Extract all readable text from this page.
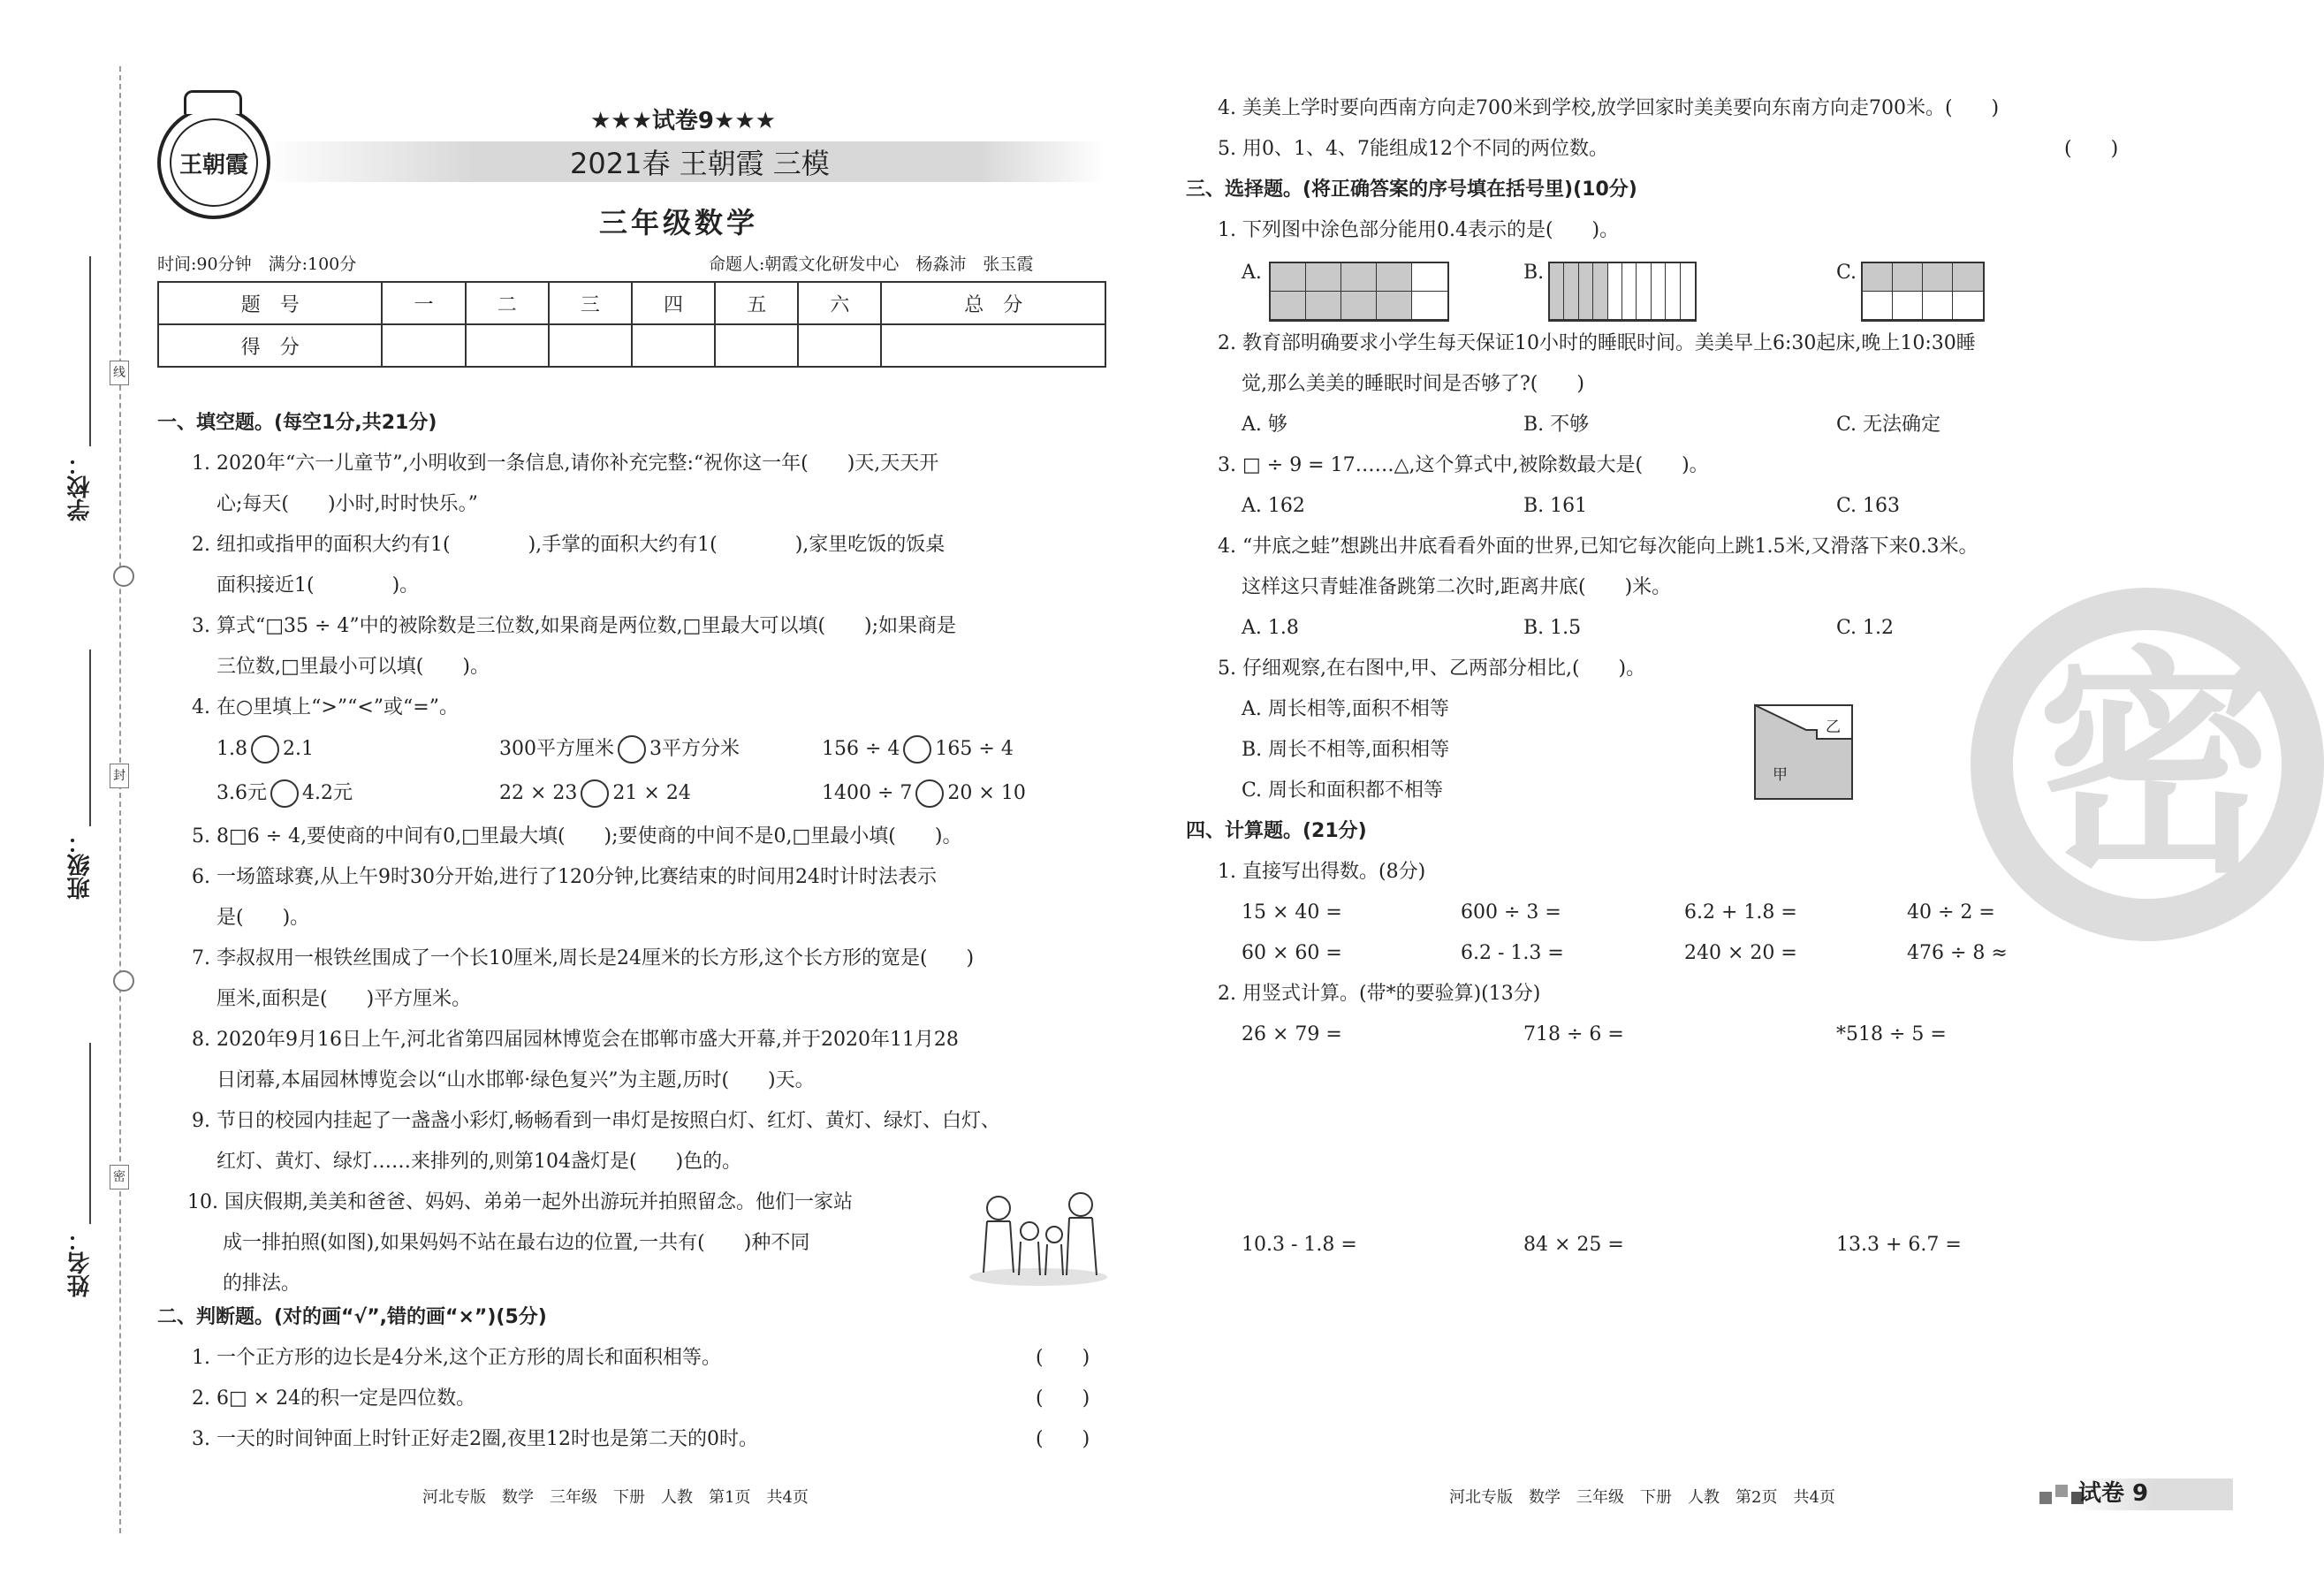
学校：
班级：
姓名：
线
封
密
王朝霞
★★★试卷9★★★
2021春 王朝霞 三模
三年级数学
时间:90分钟　满分:100分	命题人:朝霞文化研发中心　杨淼沛　张玉霞
题　号	一	二	三	四	五	六	总　分
得　分							
一、填空题。(每空1分,共21分)
1. 2020年“六一儿童节”,小明收到一条信息,请你补充完整:“祝你这一年(　　)天,天天开
心;每天(　　)小时,时时快乐。”
2. 纽扣或指甲的面积大约有1(　　　　),手掌的面积大约有1(　　　　),家里吃饭的饭桌
面积接近1(　　　　)。
3. 算式“□35 ÷ 4”中的被除数是三位数,如果商是两位数,□里最大可以填(　　);如果商是
三位数,□里最小可以填(　　)。
4. 在○里填上“>”“<”或“=”。
1.8 2.1	300平方厘米 3平方分米	156 ÷ 4 165 ÷ 4
3.6元 4.2元	22 × 23 21 × 24	1400 ÷ 7 20 × 10
5. 8□6 ÷ 4,要使商的中间有0,□里最大填(　　);要使商的中间不是0,□里最小填(　　)。
6. 一场篮球赛,从上午9时30分开始,进行了120分钟,比赛结束的时间用24时计时法表示
是(　　)。
7. 李叔叔用一根铁丝围成了一个长10厘米,周长是24厘米的长方形,这个长方形的宽是(　　)
厘米,面积是(　　)平方厘米。
8. 2020年9月16日上午,河北省第四届园林博览会在邯郸市盛大开幕,并于2020年11月28
日闭幕,本届园林博览会以“山水邯郸·绿色复兴”为主题,历时(　　)天。
9. 节日的校园内挂起了一盏盏小彩灯,畅畅看到一串灯是按照白灯、红灯、黄灯、绿灯、白灯、
红灯、黄灯、绿灯……来排列的,则第104盏灯是(　　)色的。
10. 国庆假期,美美和爸爸、妈妈、弟弟一起外出游玩并拍照留念。他们一家站
成一排拍照(如图),如果妈妈不站在最右边的位置,一共有(　　)种不同
的排法。
二、判断题。(对的画“√”,错的画“×”)(5分)
1. 一个正方形的边长是4分米,这个正方形的周长和面积相等。	(　　)
2. 6□ × 24的积一定是四位数。	(　　)
3. 一天的时间钟面上时针正好走2圈,夜里12时也是第二天的0时。	(　　)
河北专版　数学　三年级　下册　人教　第1页　共4页
密
4. 美美上学时要向西南方向走700米到学校,放学回家时美美要向东南方向走700米。(　　)
5. 用0、1、4、7能组成12个不同的两位数。	(　　)
三、选择题。(将正确答案的序号填在括号里)(10分)
1. 下列图中涂色部分能用0.4表示的是(　　)。
A.	B.	C.
2. 教育部明确要求小学生每天保证10小时的睡眠时间。美美早上6:30起床,晚上10:30睡
觉,那么美美的睡眠时间是否够了?(　　)
A. 够	B. 不够	C. 无法确定
3. □ ÷ 9 = 17……△,这个算式中,被除数最大是(　　)。
A. 162	B. 161	C. 163
4. “井底之蛙”想跳出井底看看外面的世界,已知它每次能向上跳1.5米,又滑落下来0.3米。
这样这只青蛙准备跳第二次时,距离井底(　　)米。
A. 1.8	B. 1.5	C. 1.2
5. 仔细观察,在右图中,甲、乙两部分相比,(　　)。
A. 周长相等,面积不相等
B. 周长不相等,面积相等
C. 周长和面积都不相等
甲
乙
四、计算题。(21分)
1. 直接写出得数。(8分)
15 × 40 =	600 ÷ 3 =	6.2 + 1.8 =	40 ÷ 2 =
60 × 60 =	6.2 - 1.3 =	240 × 20 =	476 ÷ 8 ≈
2. 用竖式计算。(带*的要验算)(13分)
26 × 79 =	718 ÷ 6 =	*518 ÷ 5 =
10.3 - 1.8 =	84 × 25 =	13.3 + 6.7 =
河北专版　数学　三年级　下册　人教　第2页　共4页	试卷 9
